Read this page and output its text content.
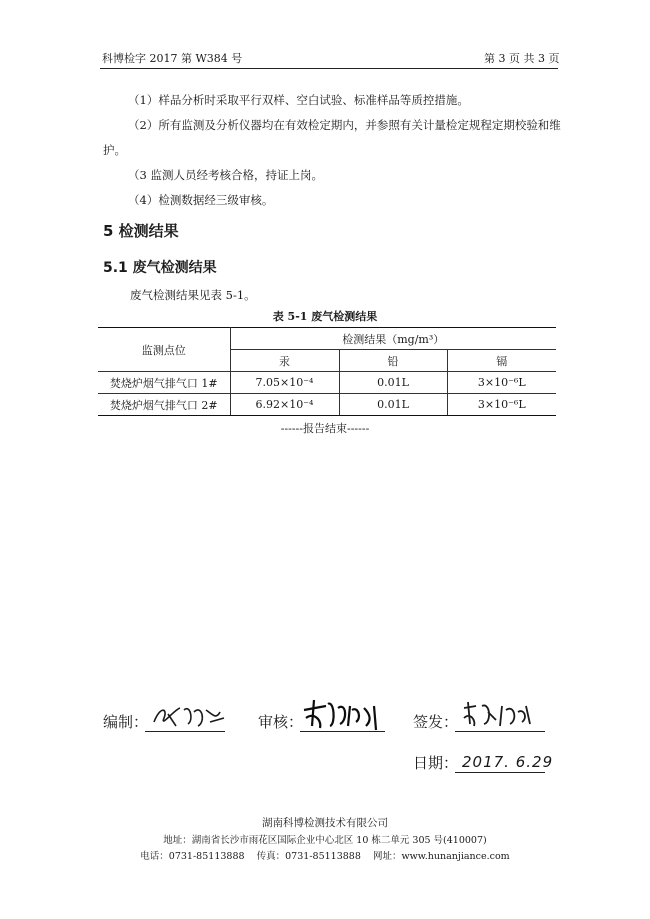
科博检字 2017 第 W384 号	第 3 页 共 3 页
（1）样品分析时采取平行双样、空白试验、标准样品等质控措施。
（2）所有监测及分析仪器均在有效检定期内，并参照有关计量检定规程定期校验和维
护。
（3 监测人员经考核合格，持证上岗。
（4）检测数据经三级审核。
5 检测结果
5.1 废气检测结果
废气检测结果见表 5-1。
表 5-1 废气检测结果
监测点位	检测结果（mg/m³）		
	汞	铅	镉
焚烧炉烟气排气口 1#	7.05×10⁻⁴	0.01L	3×10⁻⁶L
焚烧炉烟气排气口 2#	6.92×10⁻⁴	0.01L	3×10⁻⁶L
------报告结束------
编制：	审核：	签发：
日期： 2017. 6.29
湖南科博检测技术有限公司
地址：湖南省长沙市雨花区国际企业中心北区 10 栋二单元 305 号(410007)
电话：0731-85113888 传真：0731-85113888 网址：www.hunanjiance.com
